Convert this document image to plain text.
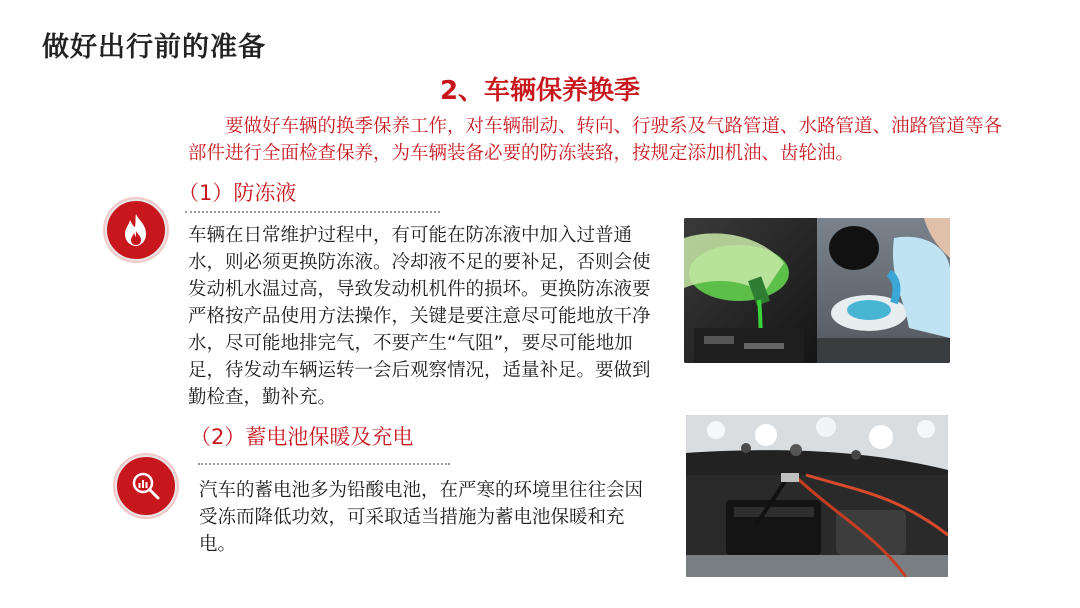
做好出行前的准备
2、车辆保养换季
要做好车辆的换季保养工作，对车辆制动、转向、行驶系及气路管道、水路管道、油路管道等各部件进行全面检查保养，为车辆装备必要的防冻装臵，按规定添加机油、齿轮油。
（1）防冻液
车辆在日常维护过程中，有可能在防冻液中加入过普通水，则必须更换防冻液。冷却液不足的要补足，否则会使发动机水温过高，导致发动机机件的损坏。更换防冻液要严格按产品使用方法操作，关键是要注意尽可能地放干净水，尽可能地排完气，不要产生“气阻”，要尽可能地加足，待发动车辆运转一会后观察情况，适量补足。要做到勤检查，勤补充。
（2）蓄电池保暖及充电
汽车的蓄电池多为铅酸电池，在严寒的环境里往往会因受冻而降低功效，可采取适当措施为蓄电池保暖和充电。
